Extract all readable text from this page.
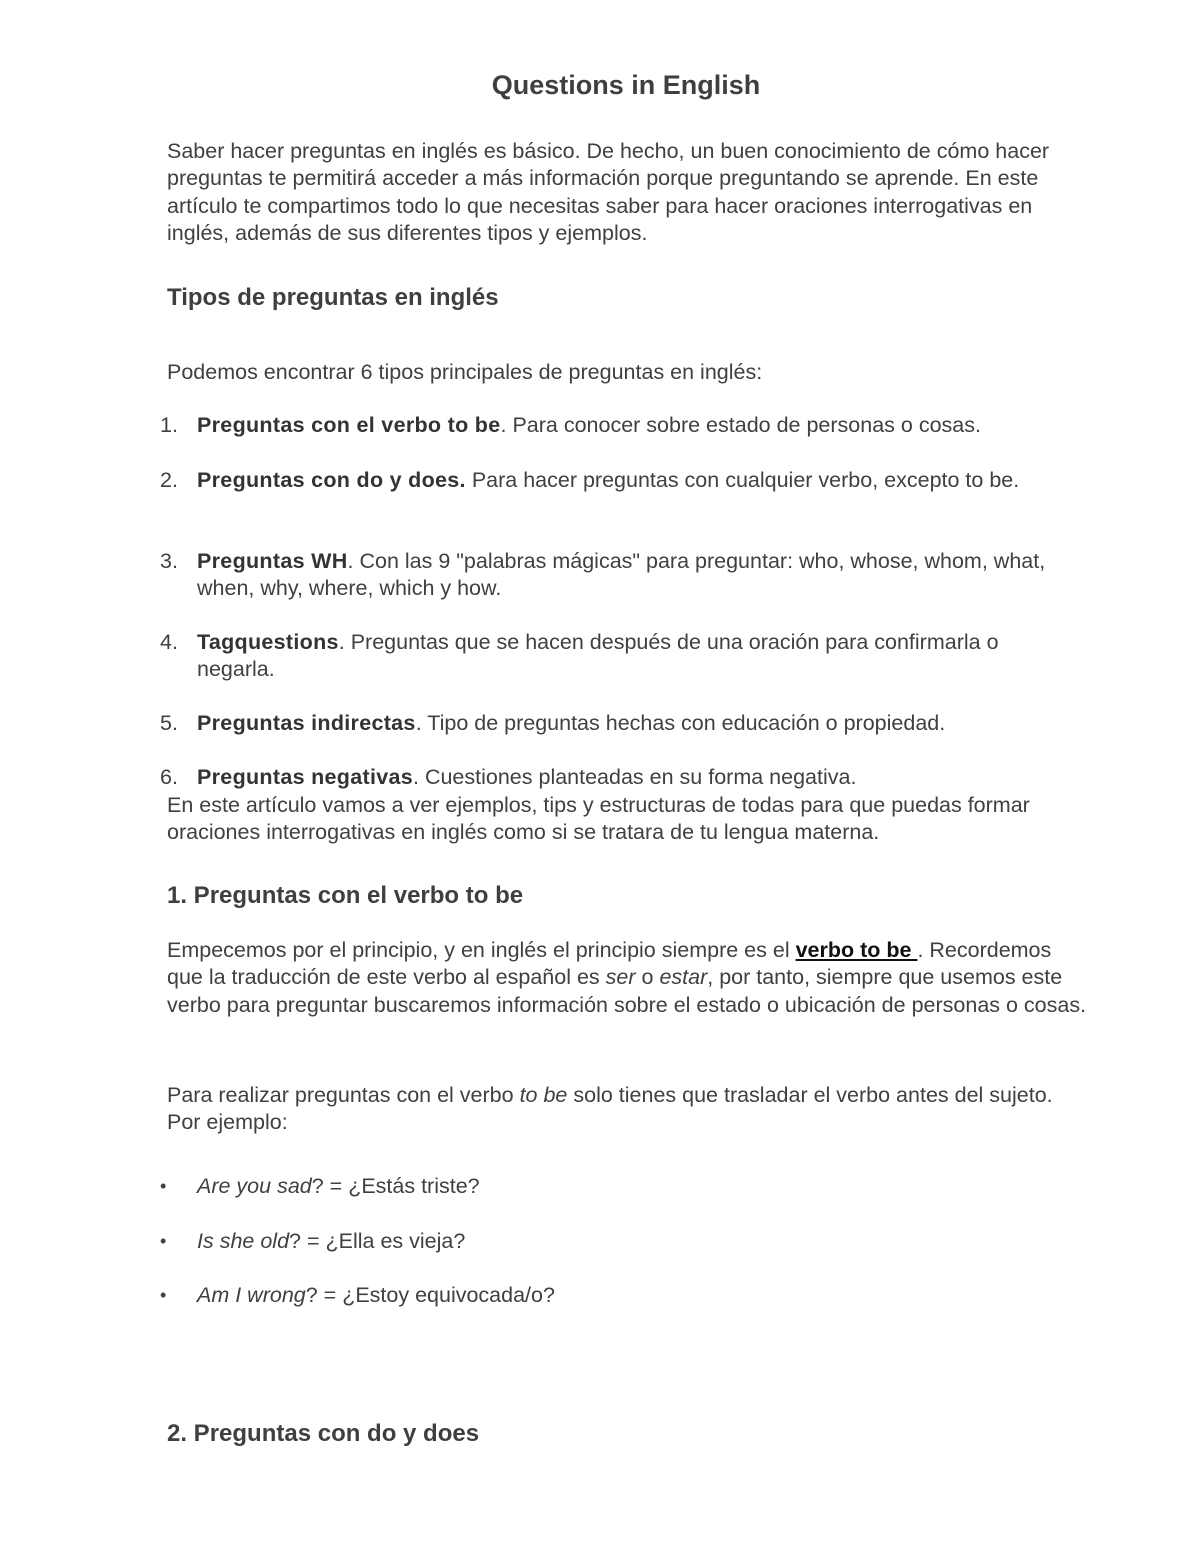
Questions in English

Saber hacer preguntas en inglés es básico. De hecho, un buen conocimiento de cómo hacer preguntas te permitirá acceder a más información porque preguntando se aprende. En este artículo te compartimos todo lo que necesitas saber para hacer oraciones interrogativas en inglés, además de sus diferentes tipos y ejemplos.

Tipos de preguntas en inglés

Podemos encontrar 6 tipos principales de preguntas en inglés:

1. Preguntas con el verbo to be. Para conocer sobre estado de personas o cosas.
2. Preguntas con do y does. Para hacer preguntas con cualquier verbo, excepto to be.
3. Preguntas WH. Con las 9 "palabras mágicas" para preguntar: who, whose, whom, what, when, why, where, which y how.
4. Tagquestions. Preguntas que se hacen después de una oración para confirmarla o negarla.
5. Preguntas indirectas. Tipo de preguntas hechas con educación o propiedad.
6. Preguntas negativas. Cuestiones planteadas en su forma negativa.

En este artículo vamos a ver ejemplos, tips y estructuras de todas para que puedas formar oraciones interrogativas en inglés como si se tratara de tu lengua materna.

1. Preguntas con el verbo to be

Empecemos por el principio, y en inglés el principio siempre es el verbo to be . Recordemos que la traducción de este verbo al español es ser o estar, por tanto, siempre que usemos este verbo para preguntar buscaremos información sobre el estado o ubicación de personas o cosas.

Para realizar preguntas con el verbo to be solo tienes que trasladar el verbo antes del sujeto. Por ejemplo:

• Are you sad? = ¿Estás triste?
• Is she old? = ¿Ella es vieja?
• Am I wrong? = ¿Estoy equivocada/o?
2. Preguntas con do y does
